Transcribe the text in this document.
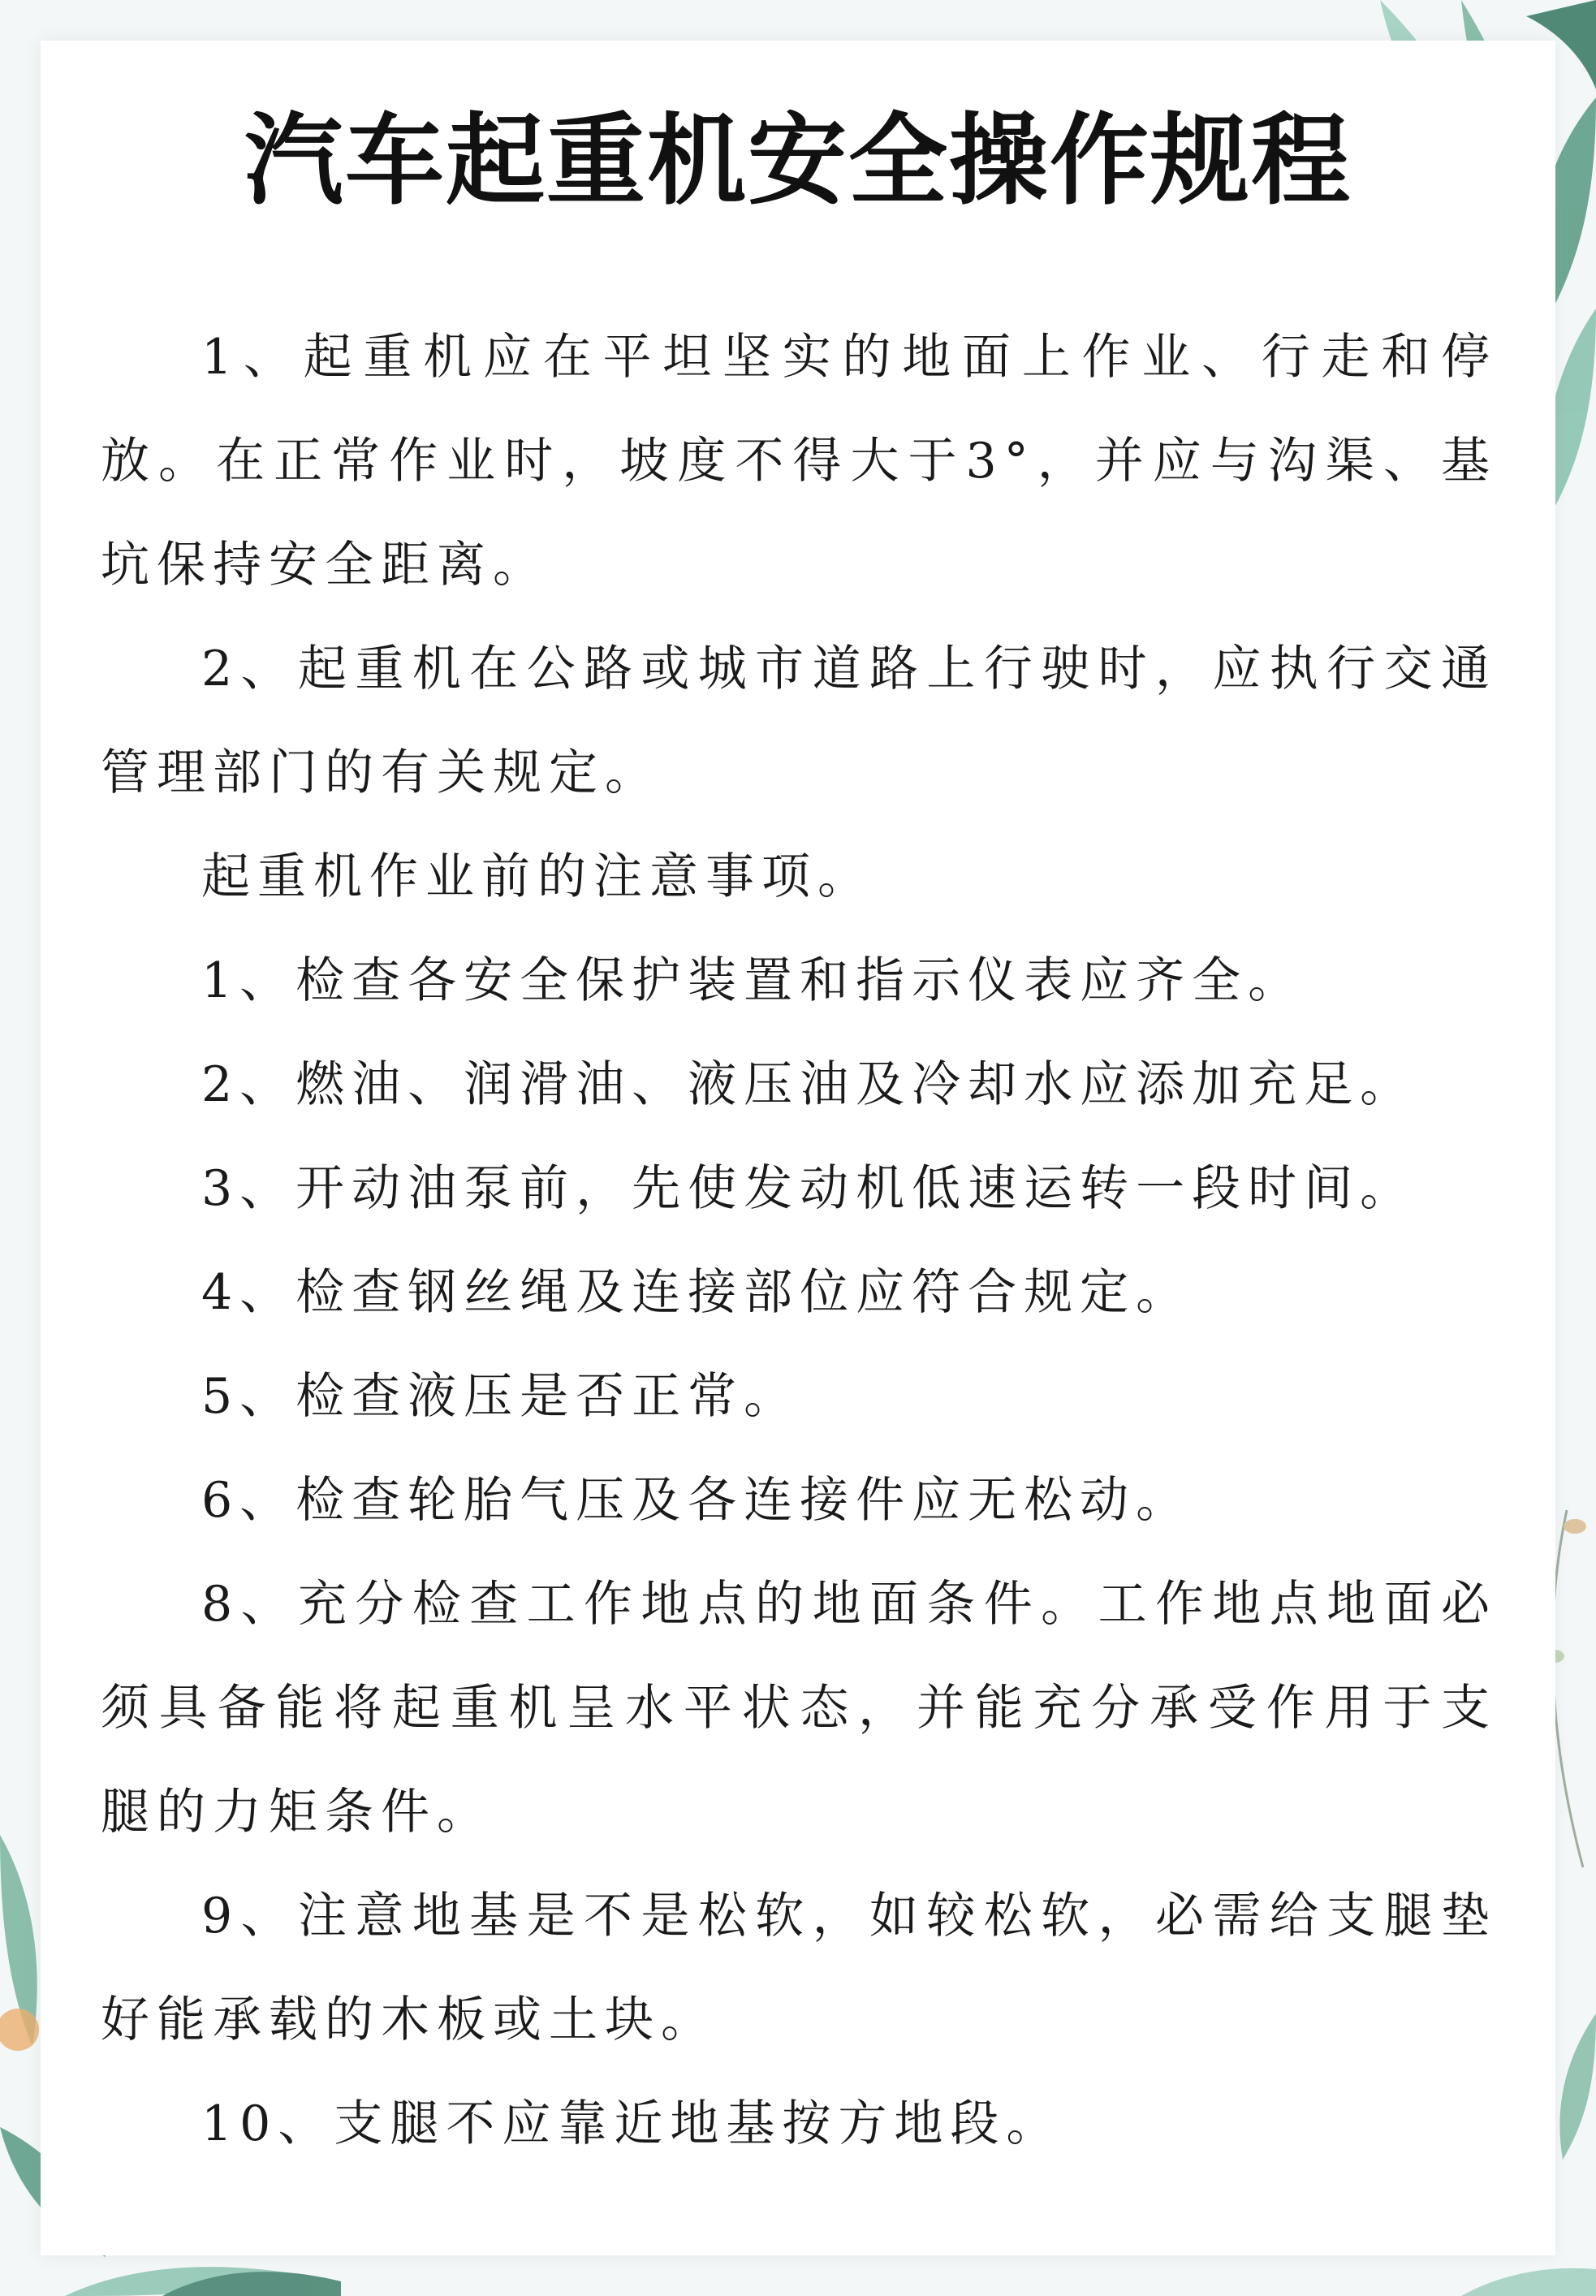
汽车起重机安全操作规程

1、起重机应在平坦坚实的地面上作业、行走和停放。在正常作业时，坡度不得大于3°，并应与沟渠、基坑保持安全距离。

2、起重机在公路或城市道路上行驶时，应执行交通管理部门的有关规定。

起重机作业前的注意事项。

1、检查各安全保护装置和指示仪表应齐全。

2、燃油、润滑油、液压油及冷却水应添加充足。

3、开动油泵前，先使发动机低速运转一段时间。

4、检查钢丝绳及连接部位应符合规定。

5、检查液压是否正常。

6、检查轮胎气压及各连接件应无松动。

8、充分检查工作地点的地面条件。工作地点地面必须具备能将起重机呈水平状态，并能充分承受作用于支腿的力矩条件。

9、注意地基是不是松软，如较松软，必需给支腿垫好能承载的木板或土块。

10、支腿不应靠近地基按方地段。
